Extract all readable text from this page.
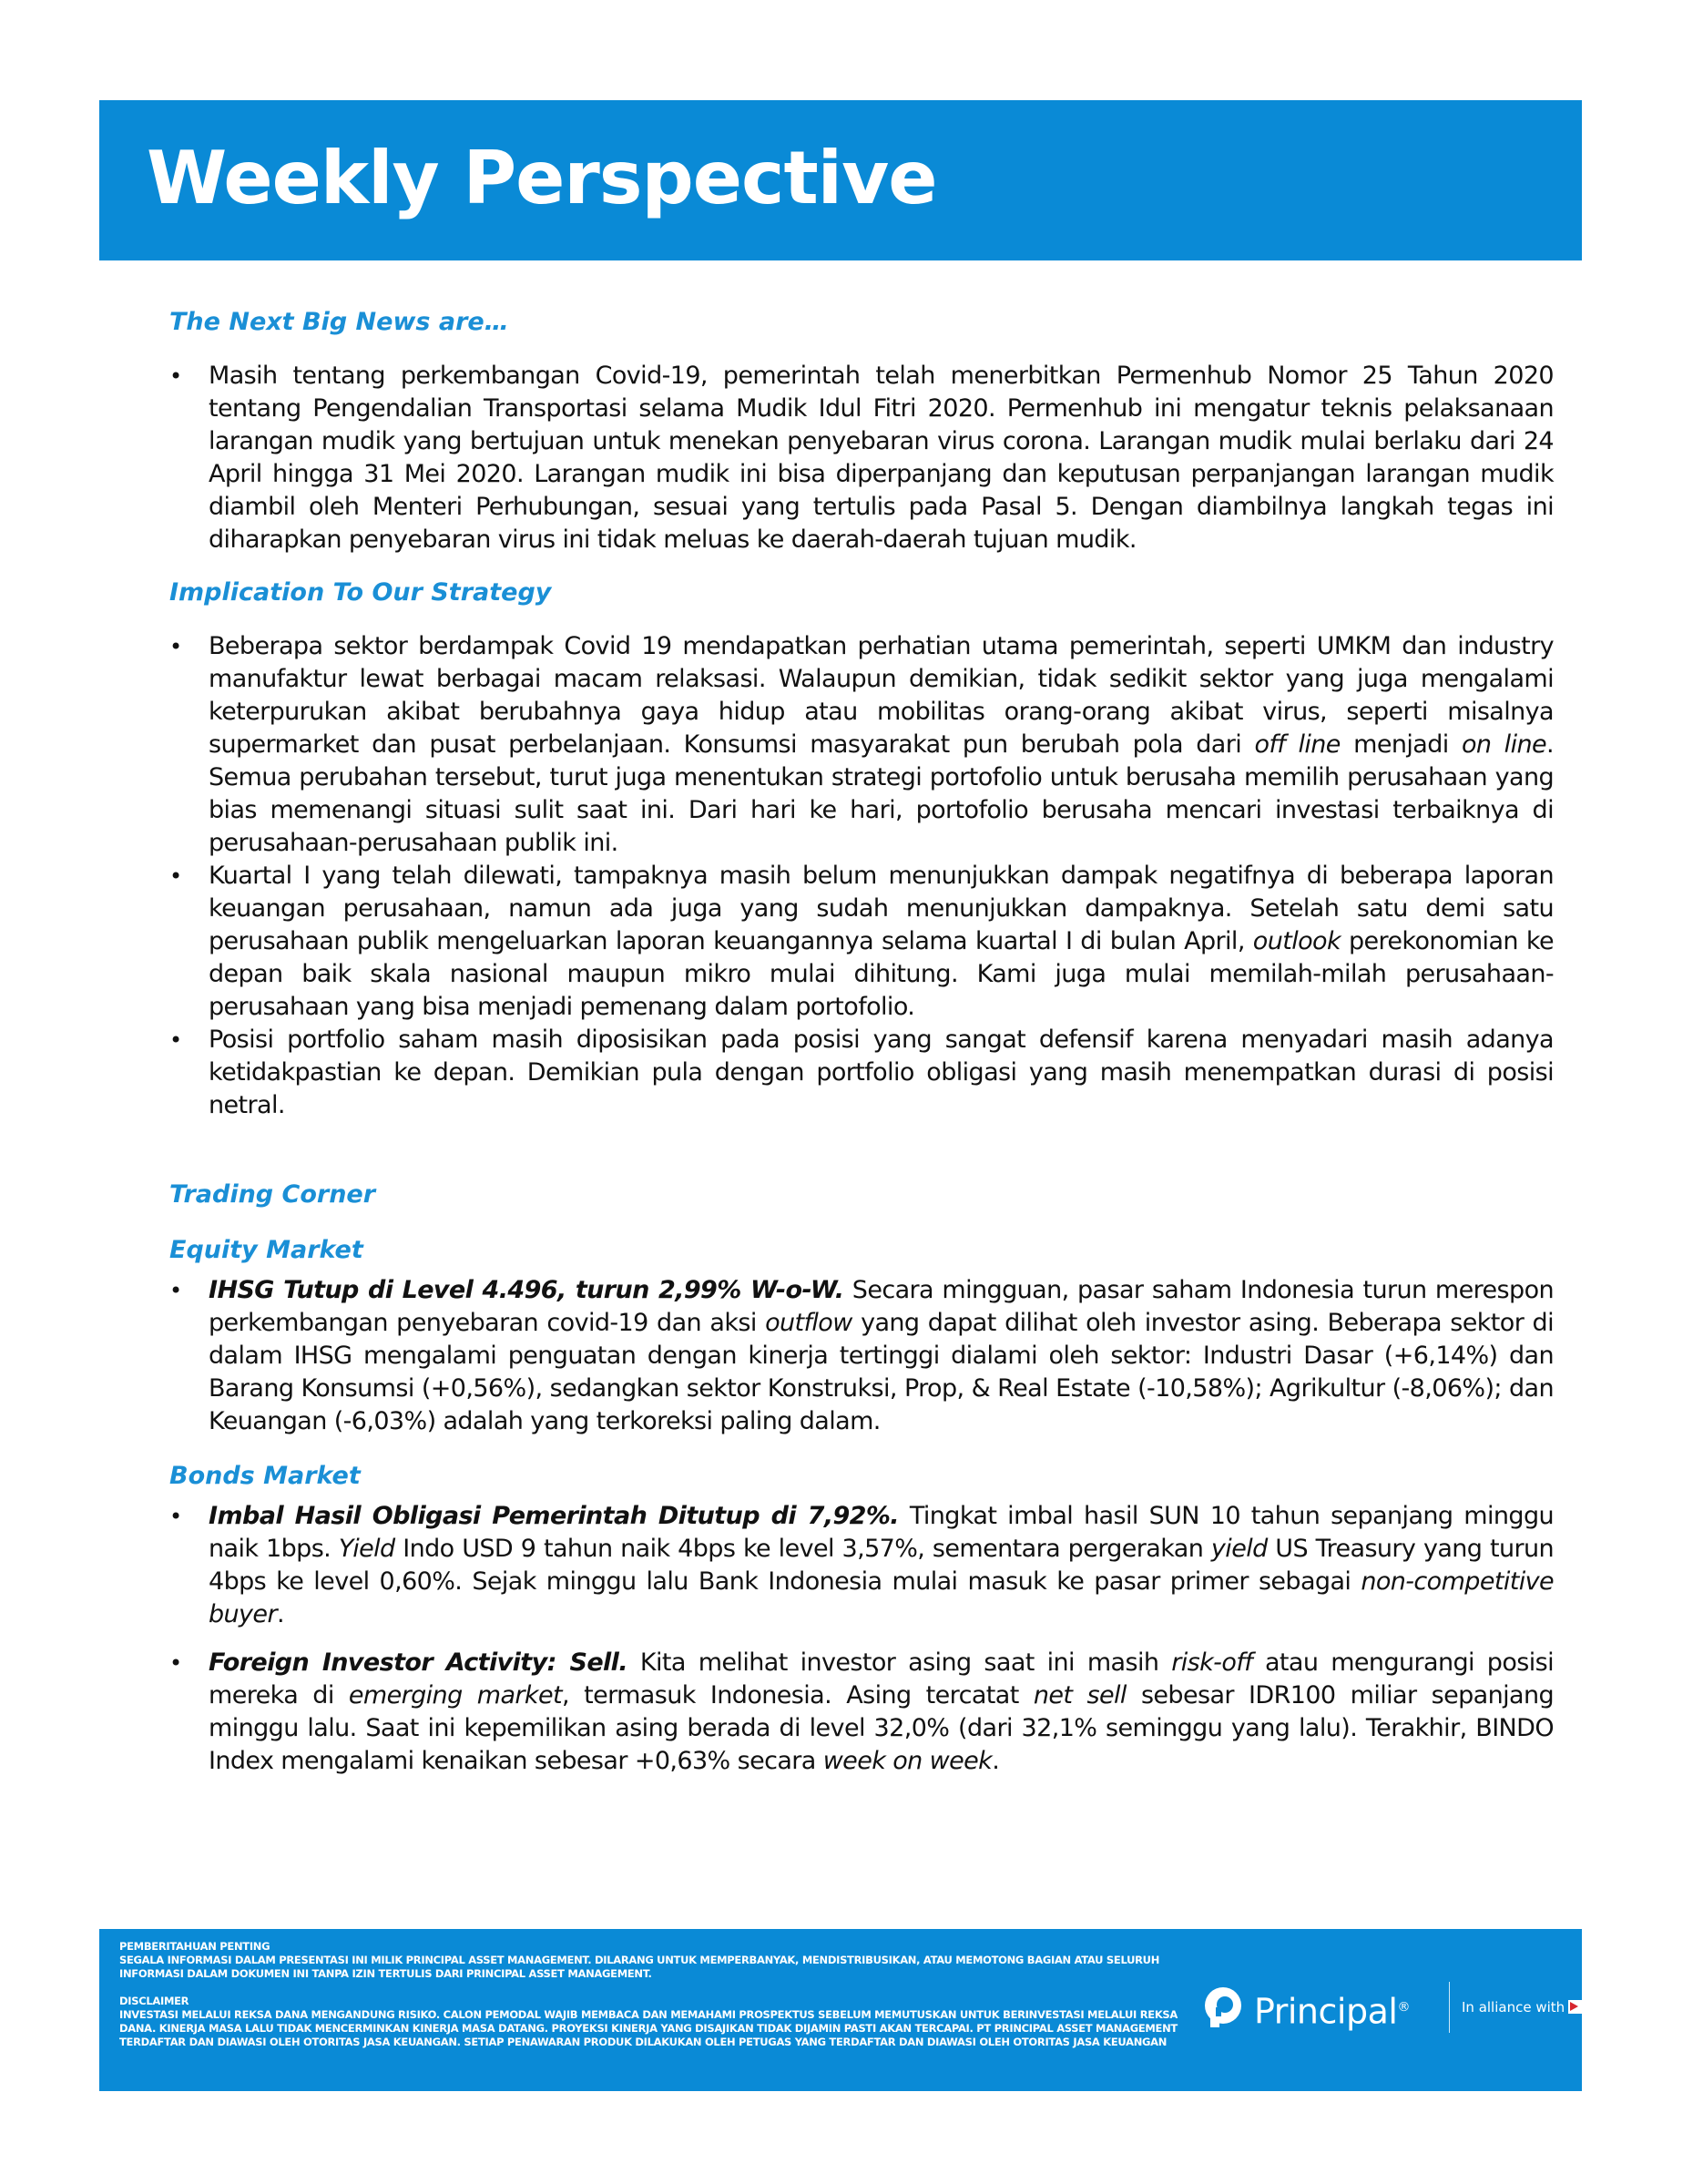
Weekly Perspective
The Next Big News are…
• Masih tentang perkembangan Covid-19, pemerintah telah menerbitkan Permenhub Nomor 25 Tahun 2020 tentang Pengendalian Transportasi selama Mudik Idul Fitri 2020. Permenhub ini mengatur teknis pelaksanaan larangan mudik yang bertujuan untuk menekan penyebaran virus corona. Larangan mudik mulai berlaku dari 24 April hingga 31 Mei 2020. Larangan mudik ini bisa diperpanjang dan keputusan perpanjangan larangan mudik diambil oleh Menteri Perhubungan, sesuai yang tertulis pada Pasal 5. Dengan diambilnya langkah tegas ini diharapkan penyebaran virus ini tidak meluas ke daerah-daerah tujuan mudik.
Implication To Our Strategy
• Beberapa sektor berdampak Covid 19 mendapatkan perhatian utama pemerintah, seperti UMKM dan industry manufaktur lewat berbagai macam relaksasi. Walaupun demikian, tidak sedikit sektor yang juga mengalami keterpurukan akibat berubahnya gaya hidup atau mobilitas orang-orang akibat virus, seperti misalnya supermarket dan pusat perbelanjaan. Konsumsi masyarakat pun berubah pola dari off line menjadi on line. Semua perubahan tersebut, turut juga menentukan strategi portofolio untuk berusaha memilih perusahaan yang bias memenangi situasi sulit saat ini. Dari hari ke hari, portofolio berusaha mencari investasi terbaiknya di perusahaan-perusahaan publik ini.
• Kuartal I yang telah dilewati, tampaknya masih belum menunjukkan dampak negatifnya di beberapa laporan keuangan perusahaan, namun ada juga yang sudah menunjukkan dampaknya. Setelah satu demi satu perusahaan publik mengeluarkan laporan keuangannya selama kuartal I di bulan April, outlook perekonomian ke depan baik skala nasional maupun mikro mulai dihitung. Kami juga mulai memilah-milah perusahaan-perusahaan yang bisa menjadi pemenang dalam portofolio.
• Posisi portfolio saham masih diposisikan pada posisi yang sangat defensif karena menyadari masih adanya ketidakpastian ke depan. Demikian pula dengan portfolio obligasi yang masih menempatkan durasi di posisi netral.
Trading Corner
Equity Market
• IHSG Tutup di Level 4.496, turun 2,99% W-o-W. Secara mingguan, pasar saham Indonesia turun merespon perkembangan penyebaran covid-19 dan aksi outflow yang dapat dilihat oleh investor asing. Beberapa sektor di dalam IHSG mengalami penguatan dengan kinerja tertinggi dialami oleh sektor: Industri Dasar (+6,14%) dan Barang Konsumsi (+0,56%), sedangkan sektor Konstruksi, Prop, & Real Estate (-10,58%); Agrikultur (-8,06%); dan Keuangan (-6,03%) adalah yang terkoreksi paling dalam.
Bonds Market
• Imbal Hasil Obligasi Pemerintah Ditutup di 7,92%. Tingkat imbal hasil SUN 10 tahun sepanjang minggu naik 1bps. Yield Indo USD 9 tahun naik 4bps ke level 3,57%, sementara pergerakan yield US Treasury yang turun 4bps ke level 0,60%. Sejak minggu lalu Bank Indonesia mulai masuk ke pasar primer sebagai non-competitive buyer.
• Foreign Investor Activity: Sell. Kita melihat investor asing saat ini masih risk-off atau mengurangi posisi mereka di emerging market, termasuk Indonesia. Asing tercatat net sell sebesar IDR100 miliar sepanjang minggu lalu. Saat ini kepemilikan asing berada di level 32,0% (dari 32,1% seminggu yang lalu). Terakhir, BINDO Index mengalami kenaikan sebesar +0,63% secara week on week.

PEMBERITAHUAN PENTING

SEGALA INFORMASI DALAM PRESENTASI INI MILIK PRINCIPAL ASSET MANAGEMENT. DILARANG UNTUK MEMPERBANYAK, MENDISTRIBUSIKAN, ATAU MEMOTONG BAGIAN ATAU SELURUH INFORMASI DALAM DOKUMEN INI TANPA IZIN TERTULIS DARI PRINCIPAL ASSET MANAGEMENT.

DISCLAIMER

INVESTASI MELALUI REKSA DANA MENGANDUNG RISIKO. CALON PEMODAL WAJIB MEMBACA DAN MEMAHAMI PROSPEKTUS SEBELUM MEMUTUSKAN UNTUK BERINVESTASI MELALUI REKSA DANA. KINERJA MASA LALU TIDAK MENCERMINKAN KINERJA MASA DATANG. PROYEKSI KINERJA YANG DISAJIKAN TIDAK DIJAMIN PASTI AKAN TERCAPAI. PT PRINCIPAL ASSET MANAGEMENT TERDAFTAR DAN DIAWASI OLEH OTORITAS JASA KEUANGAN. SETIAP PENAWARAN PRODUK DILAKUKAN OLEH PETUGAS YANG TERDAFTAR DAN DIAWASI OLEH OTORITAS JASA KEUANGAN

Principal®	In alliance with CIMB
